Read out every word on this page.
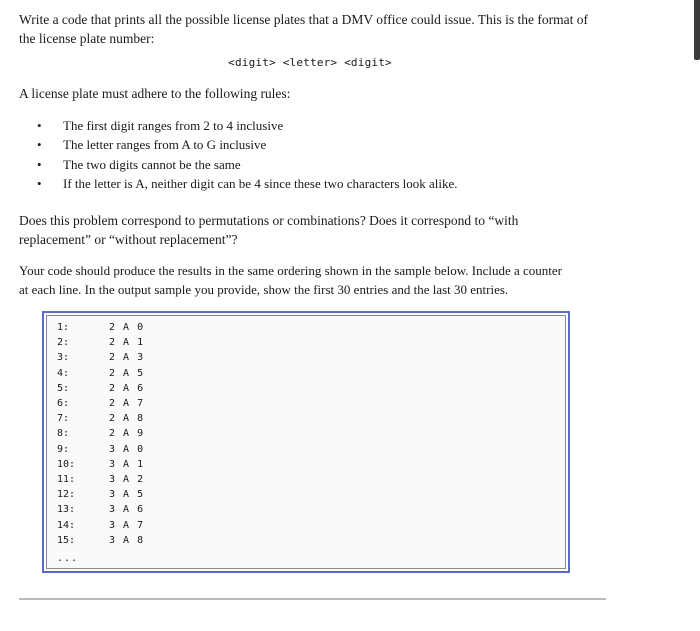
Write a code that prints all the possible license plates that a DMV office could issue. This is the format of
the license plate number:

<digit> <letter> <digit>

A license plate must adhere to the following rules:

•	The first digit ranges from 2 to 4 inclusive
•	The letter ranges from A to G inclusive
•	The two digits cannot be the same
•	If the letter is A, neither digit can be 4 since these two characters look alike.

Does this problem correspond to permutations or combinations? Does it correspond to “with
replacement” or “without replacement”?

Your code should produce the results in the same ordering shown in the sample below. Include a counter
at each line. In the output sample you provide, show the first 30 entries and the last 30 entries.

1:	2 A 0
2:	2 A 1
3:	2 A 3
4:	2 A 5
5:	2 A 6
6:	2 A 7
7:	2 A 8
8:	2 A 9
9:	3 A 0
10:	3 A 1
11:	3 A 2
12:	3 A 5
13:	3 A 6
14:	3 A 7
15:	3 A 8
...
